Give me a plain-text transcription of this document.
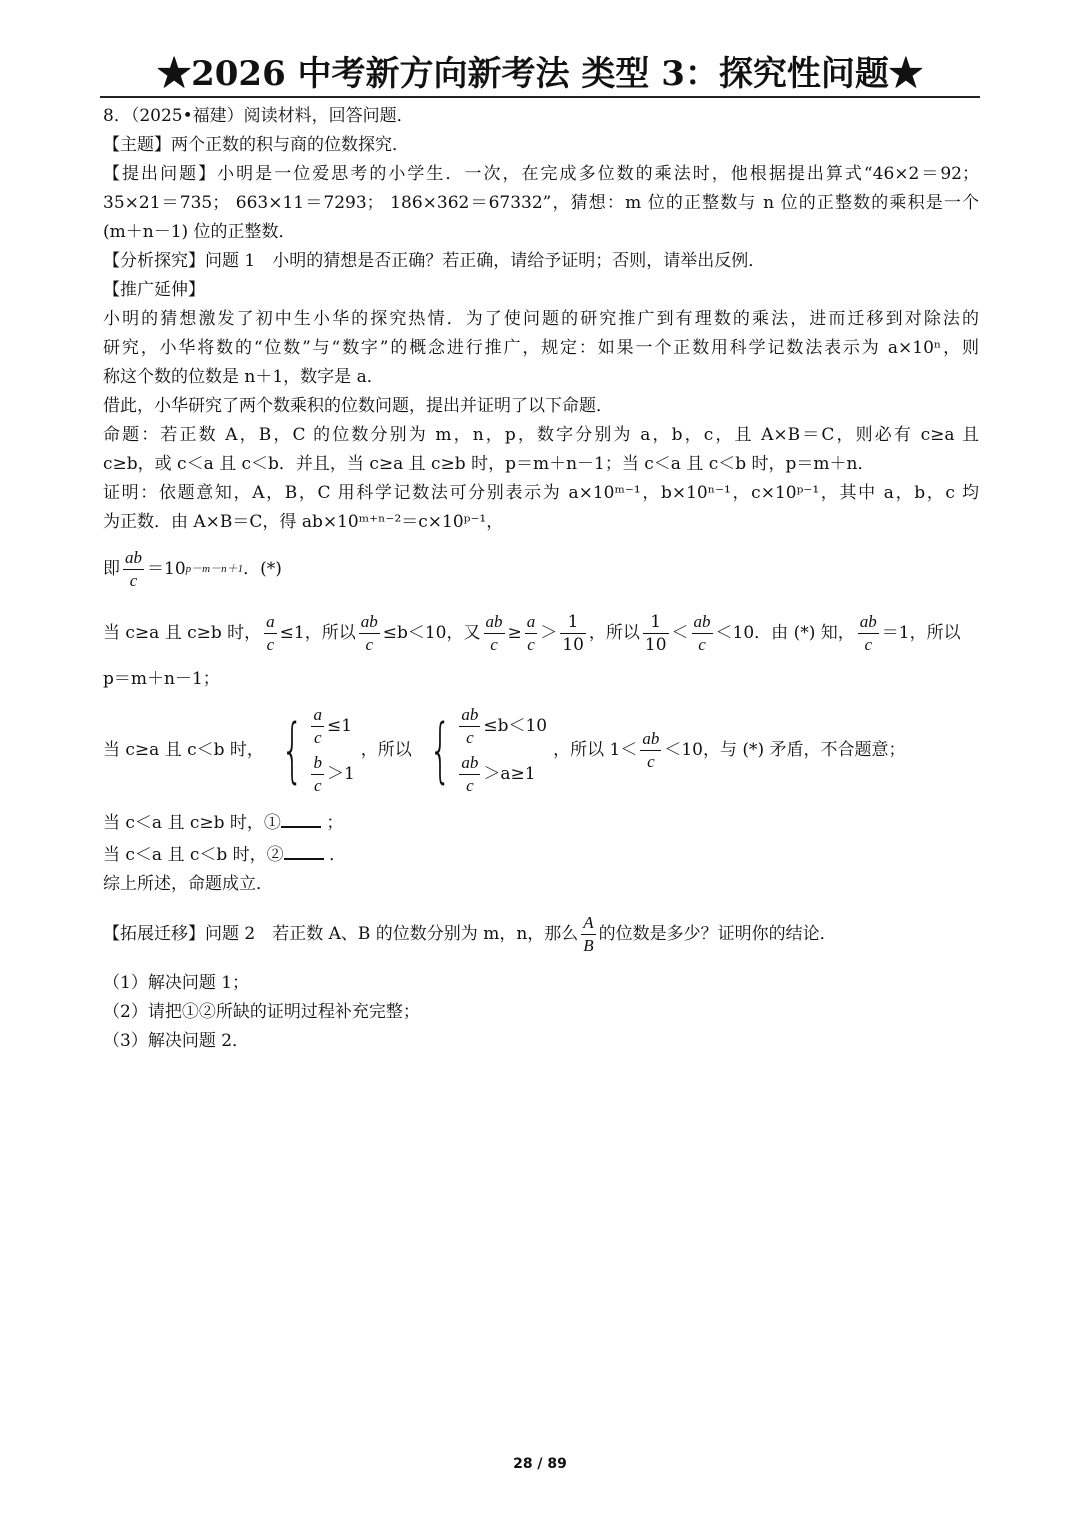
★2026 中考新方向新考法 类型 3：探究性问题★

8．（2025•福建）阅读材料，回答问题．

【主题】两个正数的积与商的位数探究．

【提出问题】小明是一位爱思考的小学生．一次，在完成多位数的乘法时，他根据提出算式“46×2＝92；

35×21＝735； 663×11＝7293； 186×362＝67332”，猜想：m 位的正整数与 n 位的正整数的乘积是一个

(m＋n－1) 位的正整数．

【分析探究】问题 1　小明的猜想是否正确？若正确，请给予证明；否则，请举出反例．

【推广延伸】

小明的猜想激发了初中生小华的探究热情．为了使问题的研究推广到有理数的乘法，进而迁移到对除法的

研究，小华将数的“位数”与“数字”的概念进行推广，规定：如果一个正数用科学记数法表示为 a×10ⁿ，则

称这个数的位数是 n＋1，数字是 a．

借此，小华研究了两个数乘积的位数问题，提出并证明了以下命题．

命题：若正数 A，B，C 的位数分别为 m，n，p，数字分别为 a，b，c，且 A×B＝C，则必有 c≥a 且

c≥b，或 c＜a 且 c＜b．并且，当 c≥a 且 c≥b 时，p＝m＋n－1；当 c＜a 且 c＜b 时，p＝m＋n．

证明：依题意知，A，B，C 用科学记数法可分别表示为 a×10ᵐ⁻¹，b×10ⁿ⁻¹，c×10ᵖ⁻¹，其中 a，b，c 均

为正数．由 A×B＝C，得 ab×10ᵐ⁺ⁿ⁻²＝c×10ᵖ⁻¹，

即 $\frac{ab}{c} =10$ p－m－n＋1 ．(*)

当 c≥a 且 c≥b 时， $\frac{a}{c} \le 1$，所以 $\frac{ab}{c} \le b<10$，又 $\frac{ab}{c} \ge \frac{a}{c} > \frac{1}{10}$ ，所以 $\frac{1}{10} < \frac{ab}{c} <10$．由 (*) 知， $\frac{ab}{c} =1$，所以

p＝m＋n－1；

当 c≥a 且 c＜b 时， { $\frac{a}{c} \le 1$
$\frac{b}{c} >1$
，所以 { $\frac{ab}{c} \le b<10$
$\frac{ab}{c} >a\ge 1$
，所以 $1< \frac{ab}{c} <10$，与 (*) 矛盾，不合题意；

当 c＜a 且 c≥b 时，①	；

当 c＜a 且 c＜b 时，②	．

综上所述，命题成立．

【拓展迁移】问题 2　若正数 A、B 的位数分别为 m，n，那么 $\frac{A}{B}$ 的位数是多少？证明你的结论．

（1）解决问题 1；

（2）请把①②所缺的证明过程补充完整；

（3）解决问题 2．

28 / 89
